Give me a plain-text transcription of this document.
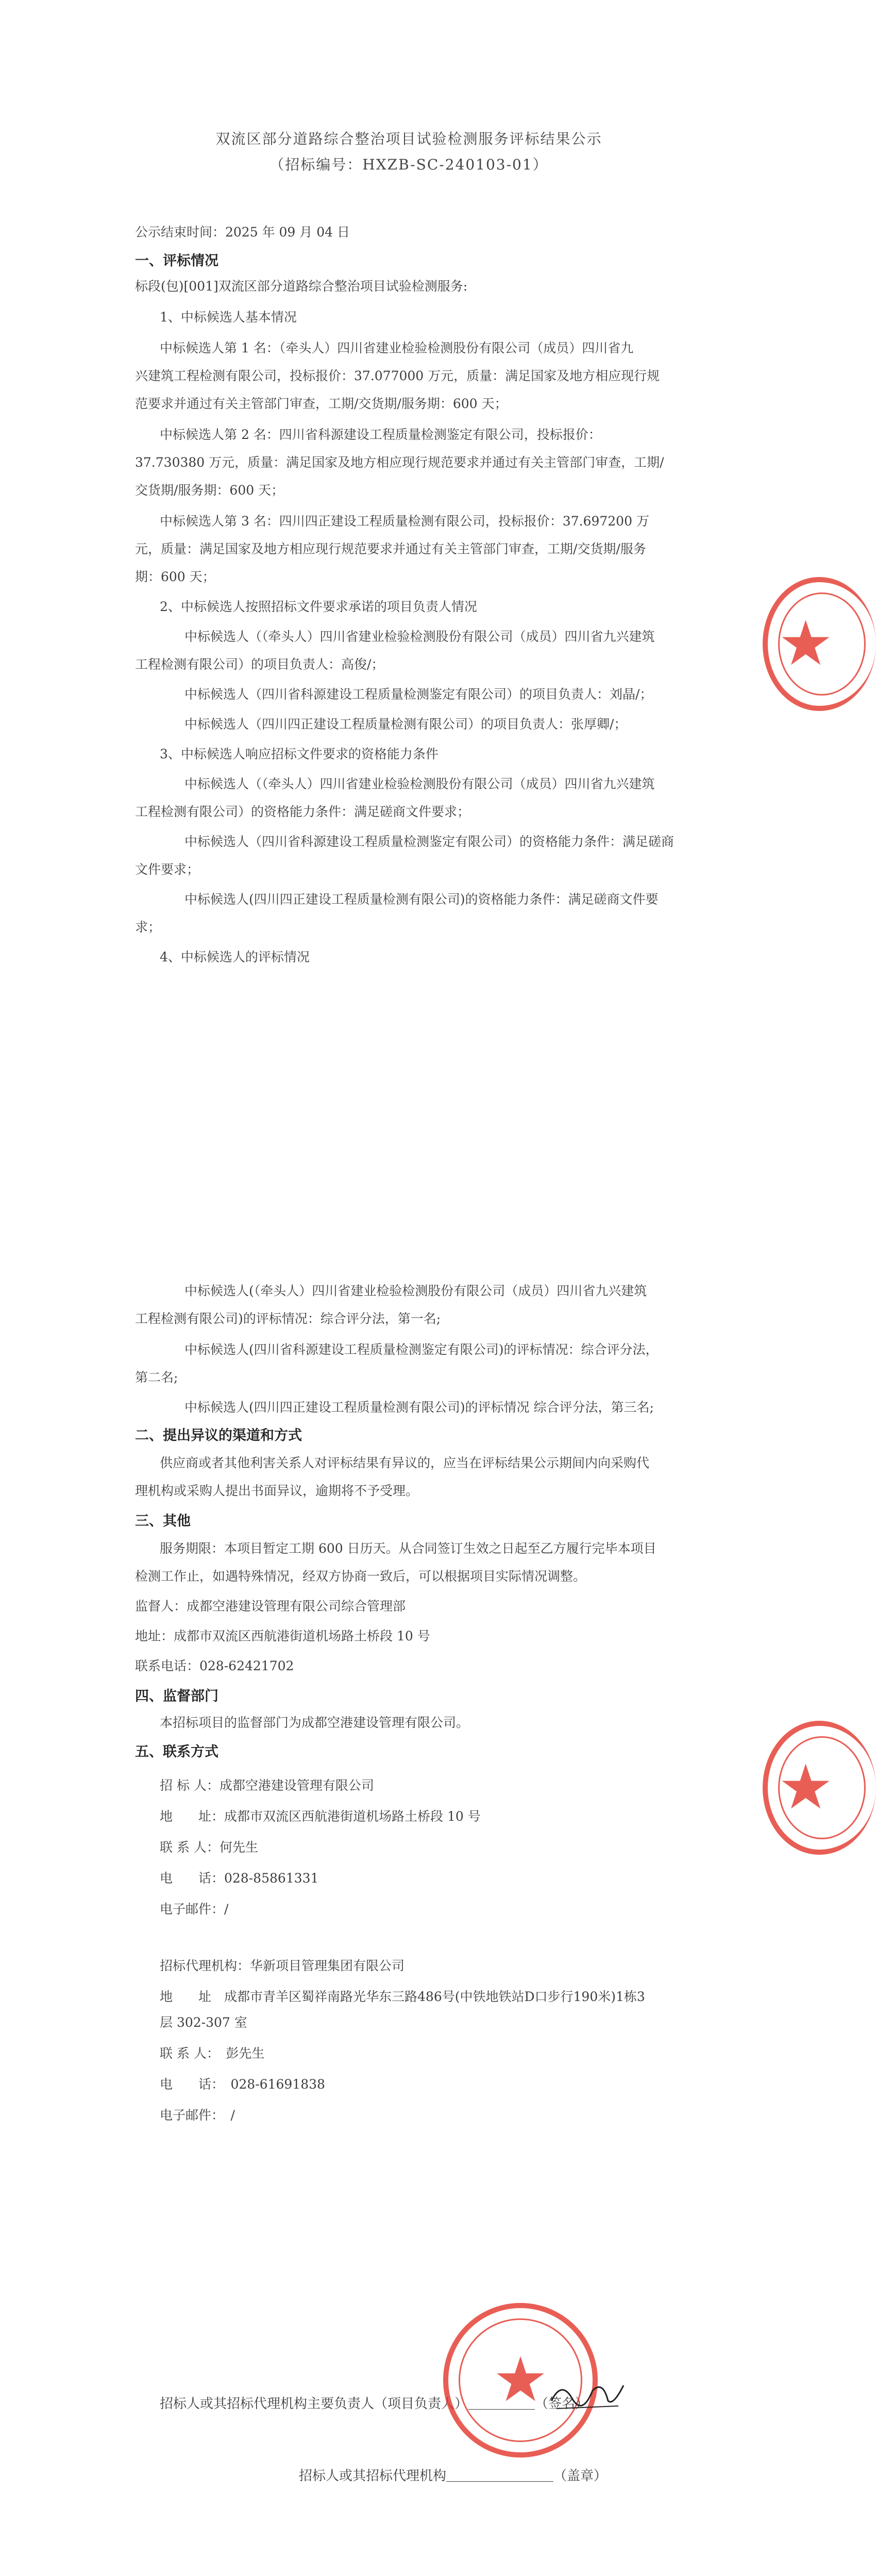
双流区部分道路综合整治项目试验检测服务评标结果公示
（招标编号：HXZB-SC-240103-01）
公示结束时间：2025 年 09 月 04 日
一、评标情况
标段(包)[001]双流区部分道路综合整治项目试验检测服务:
1、中标候选人基本情况
中标候选人第 1 名：（牵头人）四川省建业检验检测股份有限公司（成员）四川省九
兴建筑工程检测有限公司，投标报价：37.077000 万元，质量：满足国家及地方相应现行规
范要求并通过有关主管部门审查，工期/交货期/服务期：600 天；
中标候选人第 2 名：四川省科源建设工程质量检测鉴定有限公司，投标报价：
37.730380 万元，质量：满足国家及地方相应现行规范要求并通过有关主管部门审查，工期/
交货期/服务期：600 天；
中标候选人第 3 名：四川四正建设工程质量检测有限公司，投标报价：37.697200 万
元，质量：满足国家及地方相应现行规范要求并通过有关主管部门审查，工期/交货期/服务
期：600 天；
2、中标候选人按照招标文件要求承诺的项目负责人情况
中标候选人（（牵头人）四川省建业检验检测股份有限公司（成员）四川省九兴建筑
工程检测有限公司）的项目负责人：高俊/；
中标候选人（四川省科源建设工程质量检测鉴定有限公司）的项目负责人：刘晶/；
中标候选人（四川四正建设工程质量检测有限公司）的项目负责人：张厚卿/；
3、中标候选人响应招标文件要求的资格能力条件
中标候选人（（牵头人）四川省建业检验检测股份有限公司（成员）四川省九兴建筑
工程检测有限公司）的资格能力条件：满足磋商文件要求；
中标候选人（四川省科源建设工程质量检测鉴定有限公司）的资格能力条件：满足磋商
文件要求；
中标候选人(四川四正建设工程质量检测有限公司)的资格能力条件：满足磋商文件要
求；
4、中标候选人的评标情况
中标候选人(（牵头人）四川省建业检验检测股份有限公司（成员）四川省九兴建筑
工程检测有限公司)的评标情况：综合评分法，第一名;
中标候选人(四川省科源建设工程质量检测鉴定有限公司)的评标情况：综合评分法，
第二名;
中标候选人(四川四正建设工程质量检测有限公司)的评标情况 综合评分法，第三名;
二、提出异议的渠道和方式
供应商或者其他利害关系人对评标结果有异议的，应当在评标结果公示期间内向采购代
理机构或采购人提出书面异议，逾期将不予受理。
三、其他
服务期限：本项目暂定工期 600 日历天。从合同签订生效之日起至乙方履行完毕本项目
检测工作止，如遇特殊情况，经双方协商一致后，可以根据项目实际情况调整。
监督人：成都空港建设管理有限公司综合管理部
地址：成都市双流区西航港街道机场路土桥段 10 号
联系电话：028-62421702
四、监督部门
本招标项目的监督部门为成都空港建设管理有限公司。
五、联系方式
招 标 人：成都空港建设管理有限公司
地　　址：成都市双流区西航港街道机场路土桥段 10 号
联 系 人：何先生
电　　话：028-85861331
电子邮件：/
招标代理机构：华新项目管理集团有限公司
地　　址　成都市青羊区蜀祥南路光华东三路486号(中铁地铁站D口步行190米)1栋3
层 302-307 室
联 系 人：　彭先生
电　　话：　028-61691838
电子邮件：　/
招标人或其招标代理机构主要负责人（项目负责人）＿＿＿＿＿（签名）
招标人或其招标代理机构＿＿＿＿＿＿＿＿（盖章）
★
★
★
